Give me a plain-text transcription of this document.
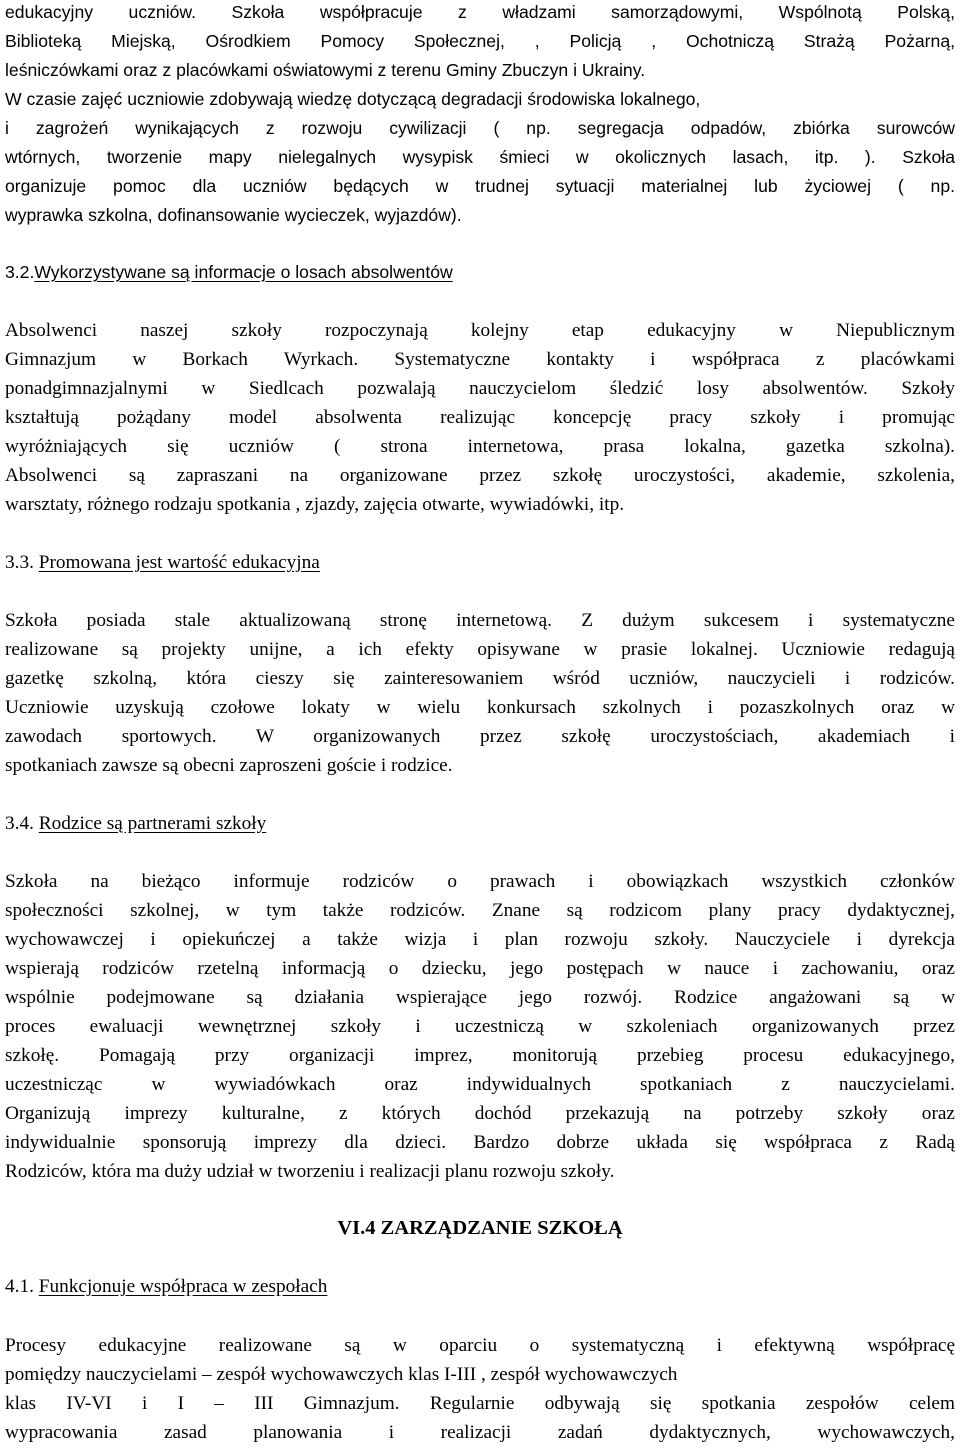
edukacyjny uczniów. Szkoła współpracuje z władzami samorządowymi, Wspólnotą Polską,
Biblioteką Miejską, Ośrodkiem Pomocy Społecznej, , Policją , Ochotniczą Strażą Pożarną,
leśniczówkami oraz z placówkami oświatowymi z terenu Gminy Zbuczyn i Ukrainy.
W czasie zajęć uczniowie zdobywają wiedzę dotyczącą degradacji środowiska lokalnego,
i zagrożeń wynikających z rozwoju cywilizacji ( np. segregacja odpadów, zbiórka surowców
wtórnych, tworzenie mapy nielegalnych wysypisk śmieci w okolicznych lasach, itp. ). Szkoła
organizuje pomoc dla uczniów będących w trudnej sytuacji materialnej lub życiowej ( np.
wyprawka szkolna, dofinansowanie wycieczek, wyjazdów).
3.2.Wykorzystywane są informacje o losach absolwentów
Absolwenci naszej szkoły rozpoczynają kolejny etap edukacyjny w Niepublicznym
Gimnazjum w Borkach Wyrkach. Systematyczne kontakty i współpraca z placówkami
ponadgimnazjalnymi w Siedlcach pozwalają nauczycielom śledzić losy absolwentów. Szkoły
kształtują pożądany model absolwenta realizując koncepcję pracy szkoły i promując
wyróżniających się uczniów ( strona internetowa, prasa lokalna, gazetka szkolna).
Absolwenci są zapraszani na organizowane przez szkołę uroczystości, akademie, szkolenia,
warsztaty, różnego rodzaju spotkania , zjazdy, zajęcia otwarte, wywiadówki, itp.
3.3. Promowana jest wartość edukacyjna
Szkoła posiada stale aktualizowaną stronę internetową. Z dużym sukcesem i systematyczne
realizowane są projekty unijne, a ich efekty opisywane w prasie lokalnej. Uczniowie redagują
gazetkę szkolną, która cieszy się zainteresowaniem wśród uczniów, nauczycieli i rodziców.
Uczniowie uzyskują czołowe lokaty w wielu konkursach szkolnych i pozaszkolnych oraz w
zawodach sportowych. W organizowanych przez szkołę uroczystościach, akademiach i
spotkaniach zawsze są obecni zaproszeni goście i rodzice.
3.4. Rodzice są partnerami szkoły
Szkoła na bieżąco informuje rodziców o prawach i obowiązkach wszystkich członków
społeczności szkolnej, w tym także rodziców. Znane są rodzicom plany pracy dydaktycznej,
wychowawczej i opiekuńczej a także wizja i plan rozwoju szkoły. Nauczyciele i dyrekcja
wspierają rodziców rzetelną informacją o dziecku, jego postępach w nauce i zachowaniu, oraz
wspólnie podejmowane są działania wspierające jego rozwój. Rodzice angażowani są w
proces ewaluacji wewnętrznej szkoły i uczestniczą w szkoleniach organizowanych przez
szkołę. Pomagają przy organizacji imprez, monitorują przebieg procesu edukacyjnego,
uczestnicząc w wywiadówkach oraz indywidualnych spotkaniach z nauczycielami.
Organizują imprezy kulturalne, z których dochód przekazują na potrzeby szkoły oraz
indywidualnie sponsorują imprezy dla dzieci. Bardzo dobrze układa się współpraca z Radą
Rodziców, która ma duży udział w tworzeniu i realizacji planu rozwoju szkoły.
VI.4 ZARZĄDZANIE SZKOŁĄ
4.1. Funkcjonuje współpraca w zespołach
Procesy edukacyjne realizowane są w oparciu o systematyczną i efektywną współpracę
pomiędzy nauczycielami – zespół wychowawczych klas I-III , zespół wychowawczych
klas IV-VI i I – III Gimnazjum. Regularnie odbywają się spotkania zespołów celem
wypracowania zasad planowania i realizacji zadań dydaktycznych, wychowawczych,
